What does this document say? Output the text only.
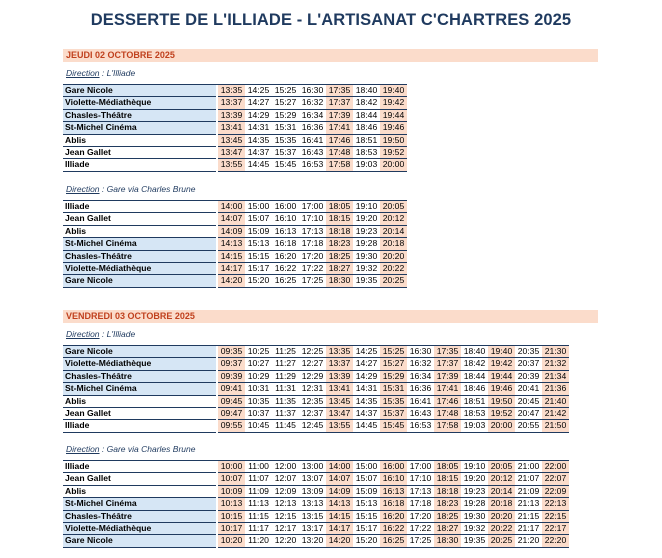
DESSERTE DE L'ILLIADE - L'ARTISANAT C'CHARTRES 2025
JEUDI 02 OCTOBRE 2025
Direction : L'Illiade
Gare Nicole		13:35	14:25	15:25	16:30	17:35	18:40	19:40
Violette-Médiathèque		13:37	14:27	15:27	16:32	17:37	18:42	19:42
Chasles-Théâtre		13:39	14:29	15:29	16:34	17:39	18:44	19:44
St-Michel Cinéma		13:41	14:31	15:31	16:36	17:41	18:46	19:46
Ablis		13:45	14:35	15:35	16:41	17:46	18:51	19:50
Jean Gallet		13:47	14:37	15:37	16:43	17:48	18:53	19:52
Illiade		13:55	14:45	15:45	16:53	17:58	19:03	20:00
Direction : Gare via Charles Brune
Illiade		14:00	15:00	16:00	17:00	18:05	19:10	20:05
Jean Gallet		14:07	15:07	16:10	17:10	18:15	19:20	20:12
Ablis		14:09	15:09	16:13	17:13	18:18	19:23	20:14
St-Michel Cinéma		14:13	15:13	16:18	17:18	18:23	19:28	20:18
Chasles-Théâtre		14:15	15:15	16:20	17:20	18:25	19:30	20:20
Violette-Médiathèque		14:17	15:17	16:22	17:22	18:27	19:32	20:22
Gare Nicole		14:20	15:20	16:25	17:25	18:30	19:35	20:25
VENDREDI 03 OCTOBRE 2025
Direction : L'Illiade
Gare Nicole		09:35	10:25	11:25	12:25	13:35	14:25	15:25	16:30	17:35	18:40	19:40	20:35	21:30
Violette-Médiathèque		09:37	10:27	11:27	12:27	13:37	14:27	15:27	16:32	17:37	18:42	19:42	20:37	21:32
Chasles-Théâtre		09:39	10:29	11:29	12:29	13:39	14:29	15:29	16:34	17:39	18:44	19:44	20:39	21:34
St-Michel Cinéma		09:41	10:31	11:31	12:31	13:41	14:31	15:31	16:36	17:41	18:46	19:46	20:41	21:36
Ablis		09:45	10:35	11:35	12:35	13:45	14:35	15:35	16:41	17:46	18:51	19:50	20:45	21:40
Jean Gallet		09:47	10:37	11:37	12:37	13:47	14:37	15:37	16:43	17:48	18:53	19:52	20:47	21:42
Illiade		09:55	10:45	11:45	12:45	13:55	14:45	15:45	16:53	17:58	19:03	20:00	20:55	21:50
Direction : Gare via Charles Brune
Illiade		10:00	11:00	12:00	13:00	14:00	15:00	16:00	17:00	18:05	19:10	20:05	21:00	22:00
Jean Gallet		10:07	11:07	12:07	13:07	14:07	15:07	16:10	17:10	18:15	19:20	20:12	21:07	22:07
Ablis		10:09	11:09	12:09	13:09	14:09	15:09	16:13	17:13	18:18	19:23	20:14	21:09	22:09
St-Michel Cinéma		10:13	11:13	12:13	13:13	14:13	15:13	16:18	17:18	18:23	19:28	20:18	21:13	22:13
Chasles-Théâtre		10:15	11:15	12:15	13:15	14:15	15:15	16:20	17:20	18:25	19:30	20:20	21:15	22:15
Violette-Médiathèque		10:17	11:17	12:17	13:17	14:17	15:17	16:22	17:22	18:27	19:32	20:22	21:17	22:17
Gare Nicole		10:20	11:20	12:20	13:20	14:20	15:20	16:25	17:25	18:30	19:35	20:25	21:20	22:20
